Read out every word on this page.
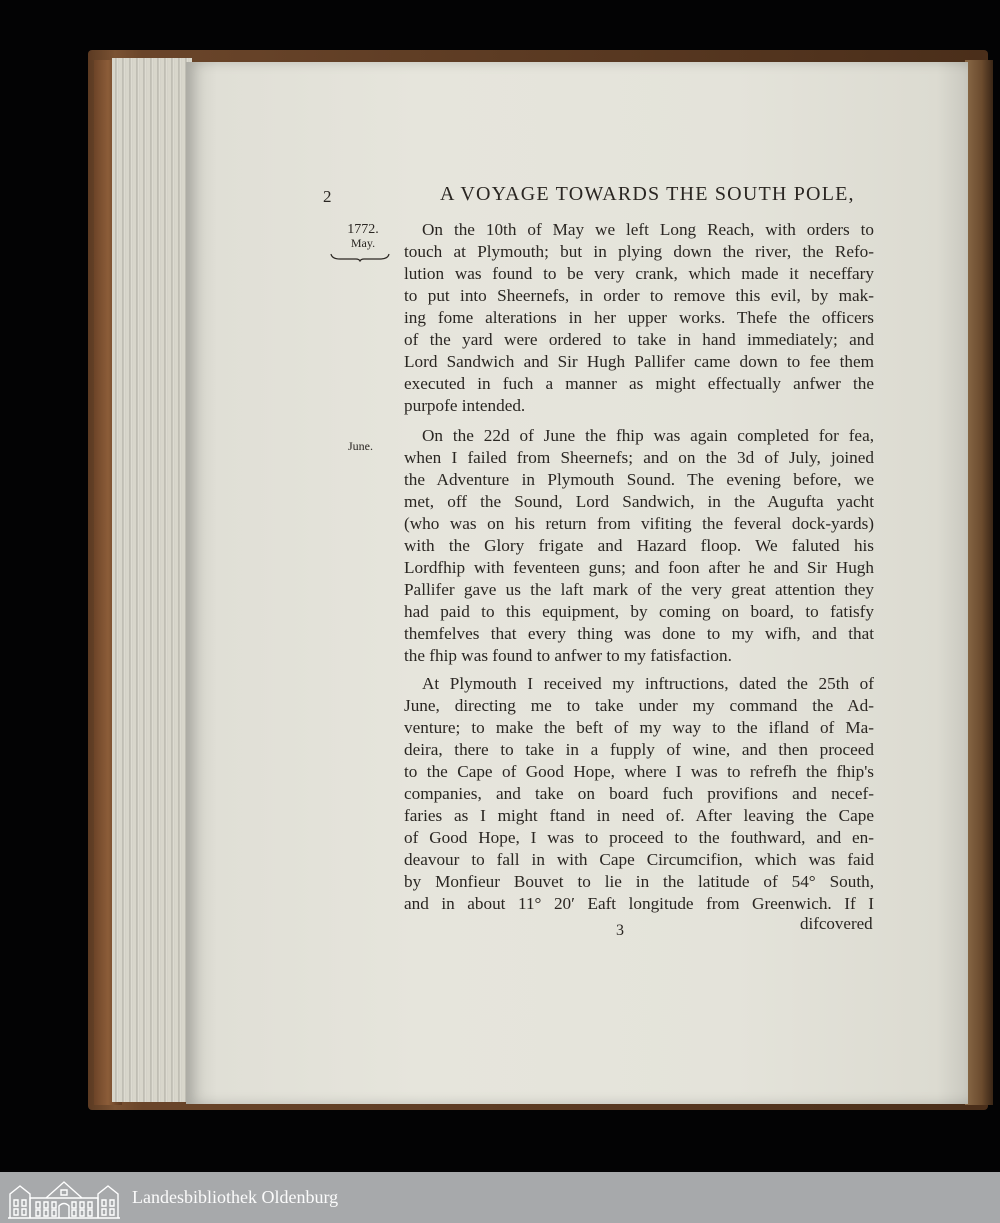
2	A VOYAGE TOWARDS THE SOUTH POLE,
1772.
May.
June.
On the 10th of May we left Long Reach, with orders to
touch at Plymouth; but in plying down the river, the Refo-
lution was found to be very crank, which made it neceffary
to put into Sheernefs, in order to remove this evil, by mak-
ing fome alterations in her upper works. Thefe the officers
of the yard were ordered to take in hand immediately; and
Lord Sandwich and Sir Hugh Pallifer came down to fee them
executed in fuch a manner as might effectually anfwer the
purpofe intended.
On the 22d of June the fhip was again completed for fea,
when I failed from Sheernefs; and on the 3d of July, joined
the Adventure in Plymouth Sound. The evening before, we
met, off the Sound, Lord Sandwich, in the Augufta yacht
(who was on his return from vifiting the feveral dock-yards)
with the Glory frigate and Hazard floop. We faluted his
Lordfhip with feventeen guns; and foon after he and Sir Hugh
Pallifer gave us the laft mark of the very great attention they
had paid to this equipment, by coming on board, to fatisfy
themfelves that every thing was done to my wifh, and that
the fhip was found to anfwer to my fatisfaction.
At Plymouth I received my inftructions, dated the 25th of
June, directing me to take under my command the Ad-
venture; to make the beft of my way to the ifland of Ma-
deira, there to take in a fupply of wine, and then proceed
to the Cape of Good Hope, where I was to refrefh the fhip's
companies, and take on board fuch provifions and necef-
faries as I might ftand in need of. After leaving the Cape
of Good Hope, I was to proceed to the fouthward, and en-
deavour to fall in with Cape Circumcifion, which was faid
by Monfieur Bouvet to lie in the latitude of 54° South,
and in about 11° 20′ Eaft longitude from Greenwich. If I
difcovered
3
Landesbibliothek Oldenburg
